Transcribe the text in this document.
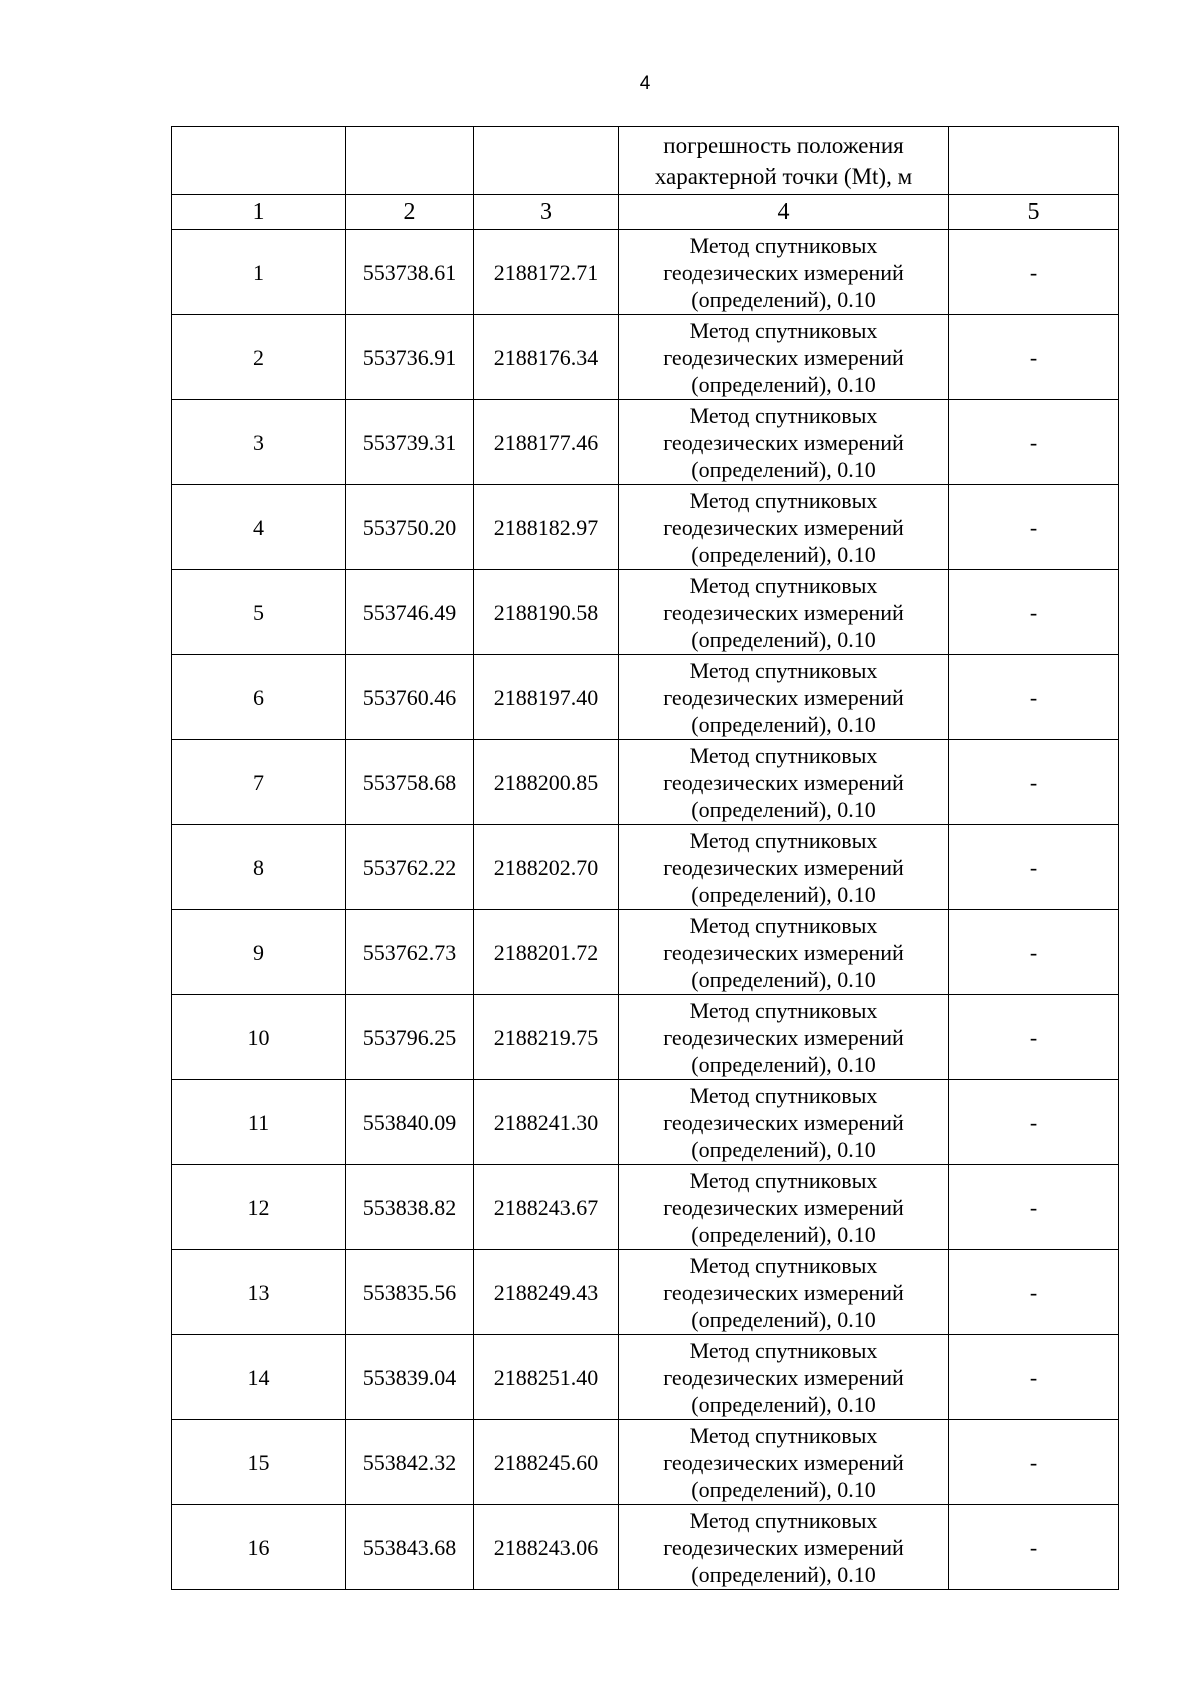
4

			погрешность положения
характерной точки (Mt), м	

1	2	3	4	5
1	553738.61	2188172.71	Метод спутниковых
геодезических измерений
(определений), 0.10	-
2	553736.91	2188176.34	Метод спутниковых
геодезических измерений
(определений), 0.10	-
3	553739.31	2188177.46	Метод спутниковых
геодезических измерений
(определений), 0.10	-
4	553750.20	2188182.97	Метод спутниковых
геодезических измерений
(определений), 0.10	-
5	553746.49	2188190.58	Метод спутниковых
геодезических измерений
(определений), 0.10	-
6	553760.46	2188197.40	Метод спутниковых
геодезических измерений
(определений), 0.10	-
7	553758.68	2188200.85	Метод спутниковых
геодезических измерений
(определений), 0.10	-
8	553762.22	2188202.70	Метод спутниковых
геодезических измерений
(определений), 0.10	-
9	553762.73	2188201.72	Метод спутниковых
геодезических измерений
(определений), 0.10	-
10	553796.25	2188219.75	Метод спутниковых
геодезических измерений
(определений), 0.10	-
11	553840.09	2188241.30	Метод спутниковых
геодезических измерений
(определений), 0.10	-
12	553838.82	2188243.67	Метод спутниковых
геодезических измерений
(определений), 0.10	-
13	553835.56	2188249.43	Метод спутниковых
геодезических измерений
(определений), 0.10	-
14	553839.04	2188251.40	Метод спутниковых
геодезических измерений
(определений), 0.10	-
15	553842.32	2188245.60	Метод спутниковых
геодезических измерений
(определений), 0.10	-
16	553843.68	2188243.06	Метод спутниковых
геодезических измерений
(определений), 0.10	-
